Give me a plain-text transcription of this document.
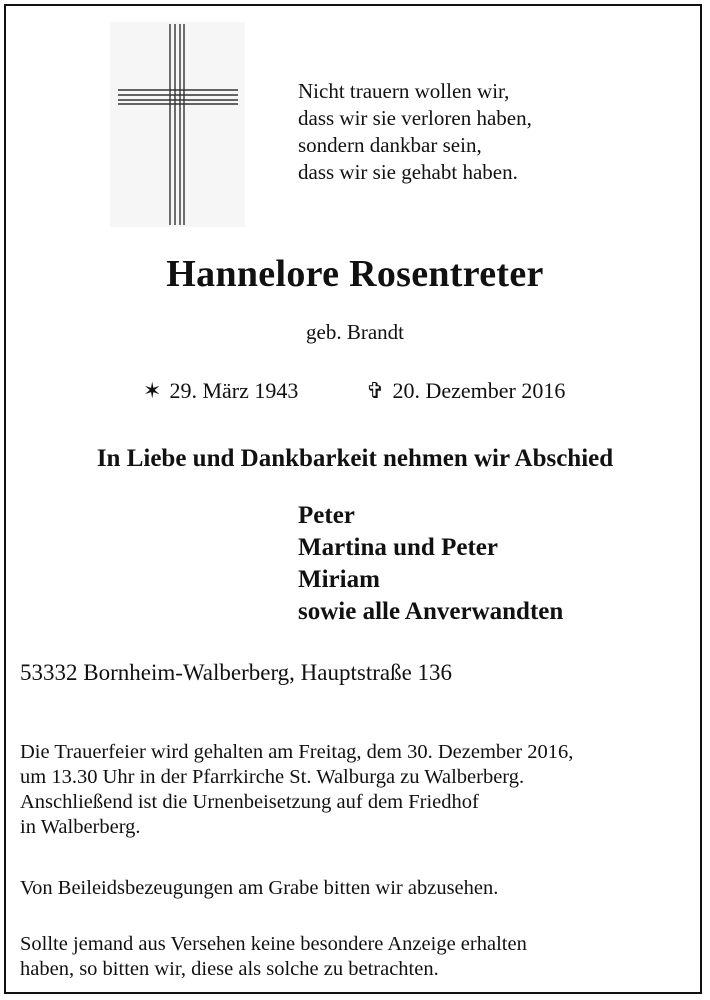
Nicht trauern wollen wir,
dass wir sie verloren haben,
sondern dankbar sein,
dass wir sie gehabt haben.
Hannelore Rosentreter
geb. Brandt
✶ 29. März 1943	✞ 20. Dezember 2016
In Liebe und Dankbarkeit nehmen wir Abschied
Peter
Martina und Peter
Miriam
sowie alle Anverwandten
53332 Bornheim-Walberberg, Hauptstraße 136
Die Trauerfeier wird gehalten am Freitag, dem 30. Dezember 2016,
um 13.30 Uhr in der Pfarrkirche St. Walburga zu Walberberg.
Anschließend ist die Urnenbeisetzung auf dem Friedhof
in Walberberg.
Von Beileidsbezeugungen am Grabe bitten wir abzusehen.
Sollte jemand aus Versehen keine besondere Anzeige erhalten
haben, so bitten wir, diese als solche zu betrachten.
